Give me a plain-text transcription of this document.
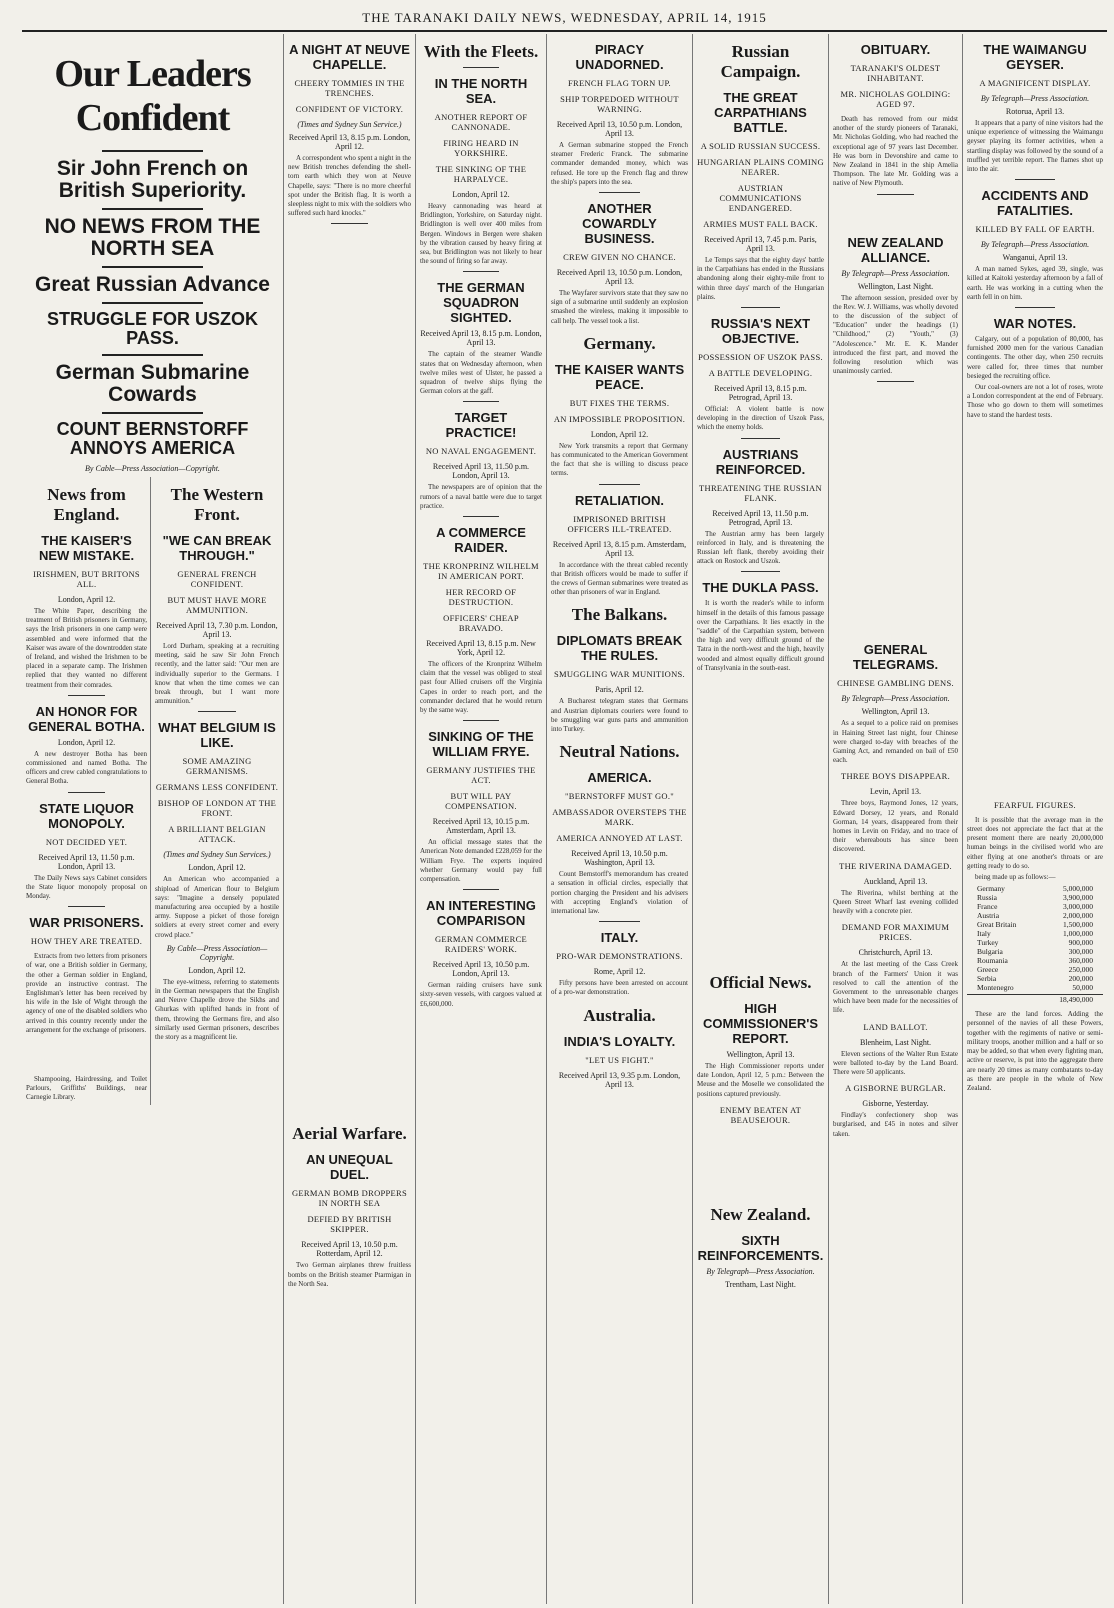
THE TARANAKI DAILY NEWS, WEDNESDAY, APRIL 14, 1915
Our Leaders Confident
Sir John French on British Superiority.
NO NEWS FROM THE NORTH SEA
Great Russian Advance
STRUGGLE FOR USZOK PASS.
German Submarine Cowards
COUNT BERNSTORFF ANNOYS AMERICA
By Cable—Press Association—Copyright.
News from England.
THE KAISER'S NEW MISTAKE.
IRISHMEN, BUT BRITONS ALL.
London, April 12.

The White Paper, describing the treatment of British prisoners in Germany, says the Irish prisoners in one camp were assembled and were informed that the Kaiser was aware of the downtrodden state of Ireland, and wished the Irishmen to be placed in a separate camp. The Irishmen replied that they wanted no different treatment from their comrades.

AN HONOR FOR GENERAL BOTHA.
London, April 12.

A new destroyer Botha has been commissioned and named Botha. The officers and crew cabled congratulations to General Botha.

STATE LIQUOR MONOPOLY.
NOT DECIDED YET.
Received April 13, 11.50 p.m. London, April 13.

The Daily News says Cabinet considers the State liquor monopoly proposal on Monday.

WAR PRISONERS.
HOW THEY ARE TREATED.

Extracts from two letters from prisoners of war, one a British soldier in Germany, the other a German soldier in England, provide an instructive contrast. The Englishman's letter has been received by his wife in the Isle of Wight through the agency of one of the disabled soldiers who arrived in this country recently under the arrangement for the exchange of prisoners.

Shampooing, Hairdressing, and Toilet Parlours, Griffiths' Buildings, near Carnegie Library.

The Western Front.
"WE CAN BREAK THROUGH."
GENERAL FRENCH CONFIDENT.
BUT MUST HAVE MORE AMMUNITION.
Received April 13, 7.30 p.m. London, April 13.

Lord Durham, speaking at a recruiting meeting, said he saw Sir John French recently, and the latter said: "Our men are individually superior to the Germans. I know that when the time comes we can break through, but I want more ammunition."

WHAT BELGIUM IS LIKE.
SOME AMAZING GERMANISMS.
GERMANS LESS CONFIDENT.
BISHOP OF LONDON AT THE FRONT.
A BRILLIANT BELGIAN ATTACK.
(Times and Sydney Sun Services.)
London, April 12.

An American who accompanied a shipload of American flour to Belgium says: "Imagine a densely populated manufacturing area occupied by a hostile army. Suppose a picket of those foreign soldiers at every street corner and every crowd place."

By Cable—Press Association—Copyright.
London, April 12.

The eye-witness, referring to statements in the German newspapers that the English and Neuve Chapelle drove the Sikhs and Ghurkas with uplifted hands in front of them, throwing the Germans fire, and also similarly used German prisoners, describes the story as a magnificent lie.

A NIGHT AT NEUVE CHAPELLE.
CHEERY TOMMIES IN THE TRENCHES.
CONFIDENT OF VICTORY.
(Times and Sydney Sun Service.)
Received April 13, 8.15 p.m. London, April 12.

A correspondent who spent a night in the new British trenches defending the shell-torn earth which they won at Neuve Chapelle, says: "There is no more cheerful spot under the British flag. It is worth a sleepless night to mix with the soldiers who suffered such hard knocks."

Aerial Warfare.
AN UNEQUAL DUEL.
GERMAN BOMB DROPPERS IN NORTH SEA
DEFIED BY BRITISH SKIPPER.
Received April 13, 10.50 p.m. Rotterdam, April 12.

Two German airplanes threw fruitless bombs on the British steamer Ptarmigan in the North Sea.

With the Fleets.
IN THE NORTH SEA.
ANOTHER REPORT OF CANNONADE.
FIRING HEARD IN YORKSHIRE.
THE SINKING OF THE HARPALYCE.
London, April 12.

Heavy cannonading was heard at Bridlington, Yorkshire, on Saturday night. Bridlington is well over 400 miles from Bergen. Windows in Bergen were shaken by the vibration caused by heavy firing at sea, but Bridlington was not likely to hear the sound of firing so far away.

THE GERMAN SQUADRON SIGHTED.
Received April 13, 8.15 p.m. London, April 13.

The captain of the steamer Wandle states that on Wednesday afternoon, when twelve miles west of Ulster, he passed a squadron of twelve ships flying the German colors at the gaff.

TARGET PRACTICE!
NO NAVAL ENGAGEMENT.
Received April 13, 11.50 p.m. London, April 13.

The newspapers are of opinion that the rumors of a naval battle were due to target practice.

A COMMERCE RAIDER.
THE KRONPRINZ WILHELM IN AMERICAN PORT.
HER RECORD OF DESTRUCTION.
OFFICERS' CHEAP BRAVADO.
Received April 13, 8.15 p.m. New York, April 12.

The officers of the Kronprinz Wilhelm claim that the vessel was obliged to steal past four Allied cruisers off the Virginia Capes in order to reach port, and the commander declared that he would return by the same way.

SINKING OF THE WILLIAM FRYE.
GERMANY JUSTIFIES THE ACT.
BUT WILL PAY COMPENSATION.
Received April 13, 10.15 p.m. Amsterdam, April 13.

An official message states that the American Note demanded £228,059 for the William Frye. The experts inquired whether Germany would pay full compensation.

AN INTERESTING COMPARISON
GERMAN COMMERCE RAIDERS' WORK.
Received April 13, 10.50 p.m. London, April 13.

German raiding cruisers have sunk sixty-seven vessels, with cargoes valued at £6,600,000.

PIRACY UNADORNED.
FRENCH FLAG TORN UP.
SHIP TORPEDOED WITHOUT WARNING.
Received April 13, 10.50 p.m. London, April 13.

A German submarine stopped the French steamer Frederic Franck. The submarine commander demanded money, which was refused. He tore up the French flag and threw the ship's papers into the sea.

ANOTHER COWARDLY BUSINESS.
CREW GIVEN NO CHANCE.
Received April 13, 10.50 p.m. London, April 13.

The Wayfarer survivors state that they saw no sign of a submarine until suddenly an explosion smashed the wireless, making it impossible to call help. The vessel took a list.

Germany.
THE KAISER WANTS PEACE.
BUT FIXES THE TERMS.
AN IMPOSSIBLE PROPOSITION.
London, April 12.

New York transmits a report that Germany has communicated to the American Government the fact that she is willing to discuss peace terms.

RETALIATION.
IMPRISONED BRITISH OFFICERS ILL-TREATED.
Received April 13, 8.15 p.m. Amsterdam, April 13.

In accordance with the threat cabled recently that British officers would be made to suffer if the crews of German submarines were treated as other than prisoners of war in England.

The Balkans.
DIPLOMATS BREAK THE RULES.
SMUGGLING WAR MUNITIONS.
Paris, April 12.

A Bucharest telegram states that Germans and Austrian diplomats couriers were found to be smuggling war guns parts and ammunition into Turkey.

Neutral Nations.
AMERICA.
"BERNSTORFF MUST GO."
AMBASSADOR OVERSTEPS THE MARK.
AMERICA ANNOYED AT LAST.
Received April 13, 10.50 p.m. Washington, April 13.

Count Bernstorff's memorandum has created a sensation in official circles, especially that portion charging the President and his advisers with accepting England's violation of international law.

ITALY.
PRO-WAR DEMONSTRATIONS.
Rome, April 12.

Fifty persons have been arrested on account of a pro-war demonstration.

Australia.
INDIA'S LOYALTY.
"LET US FIGHT."
Received April 13, 9.35 p.m. London, April 13.
Russian Campaign.
THE GREAT CARPATHIANS BATTLE.
A SOLID RUSSIAN SUCCESS.
HUNGARIAN PLAINS COMING NEARER.
AUSTRIAN COMMUNICATIONS ENDANGERED.
ARMIES MUST FALL BACK.
Received April 13, 7.45 p.m. Paris, April 13.

Le Temps says that the eighty days' battle in the Carpathians has ended in the Russians abandoning along their eighty-mile front to within three days' march of the Hungarian plains.

RUSSIA'S NEXT OBJECTIVE.
POSSESSION OF USZOK PASS.
A BATTLE DEVELOPING.
Received April 13, 8.15 p.m. Petrograd, April 13.

Official: A violent battle is now developing in the direction of Uszok Pass, which the enemy holds.

AUSTRIANS REINFORCED.
THREATENING THE RUSSIAN FLANK.
Received April 13, 11.50 p.m. Petrograd, April 13.

The Austrian army has been largely reinforced in Italy, and is threatening the Russian left flank, thereby avoiding their attack on Rostock and Uszok.

THE DUKLA PASS.

It is worth the reader's while to inform himself in the details of this famous passage over the Carpathians. It lies exactly in the "saddle" of the Carpathian system, between the high and very difficult ground of the Tatra in the north-west and the high, heavily wooded and almost equally difficult ground of Transylvania in the south-east.

Official News.
HIGH COMMISSIONER'S REPORT.
Wellington, April 13.

The High Commissioner reports under date London, April 12, 5 p.m.: Between the Meuse and the Moselle we consolidated the positions captured previously.

ENEMY BEATEN AT BEAUSEJOUR.
New Zealand.
SIXTH REINFORCEMENTS.
By Telegraph—Press Association.
Trentham, Last Night.
OBITUARY.
TARANAKI'S OLDEST INHABITANT.
MR. NICHOLAS GOLDING: AGED 97.

Death has removed from our midst another of the sturdy pioneers of Taranaki, Mr. Nicholas Golding, who had reached the exceptional age of 97 years last December. He was born in Devonshire and came to New Zealand in 1841 in the ship Amelia Thompson. The late Mr. Golding was a native of New Plymouth.

NEW ZEALAND ALLIANCE.
By Telegraph—Press Association.
Wellington, Last Night.

The afternoon session, presided over by the Rev. W. J. Williams, was wholly devoted to the discussion of the subject of "Education" under the headings (1) "Childhood," (2) "Youth," (3) "Adolescence." Mr. E. K. Mander introduced the first part, and moved the following resolution which was unanimously carried.

GENERAL TELEGRAMS.
CHINESE GAMBLING DENS.
By Telegraph—Press Association.
Wellington, April 13.

As a sequel to a police raid on premises in Haining Street last night, four Chinese were charged to-day with breaches of the Gaming Act, and remanded on bail of £50 each.

THREE BOYS DISAPPEAR.
Levin, April 13.

Three boys, Raymond Jones, 12 years, Edward Dorsey, 12 years, and Ronald Gorman, 14 years, disappeared from their homes in Levin on Friday, and no trace of their whereabouts has since been discovered.

THE RIVERINA DAMAGED.
Auckland, April 13.

The Riverina, whilst berthing at the Queen Street Wharf last evening collided heavily with a concrete pier.

DEMAND FOR MAXIMUM PRICES.
Christchurch, April 13.

At the last meeting of the Cass Creek branch of the Farmers' Union it was resolved to call the attention of the Government to the unreasonable charges which have been made for the necessities of life.

LAND BALLOT.
Blenheim, Last Night.

Eleven sections of the Walter Run Estate were balloted to-day by the Land Board. There were 50 applicants.

A GISBORNE BURGLAR.
Gisborne, Yesterday.

Findlay's confectionery shop was burglarised, and £45 in notes and silver taken.

THE WAIMANGU GEYSER.
A MAGNIFICENT DISPLAY.
By Telegraph—Press Association.
Rotorua, April 13.

It appears that a party of nine visitors had the unique experience of witnessing the Waimangu geyser playing its former activities, when a startling display was followed by the sound of a muffled yet terrible report. The flames shot up into the air.

ACCIDENTS AND FATALITIES.
KILLED BY FALL OF EARTH.
By Telegraph—Press Association.
Wanganui, April 13.

A man named Sykes, aged 39, single, was killed at Kaitoki yesterday afternoon by a fall of earth. He was working in a cutting when the earth fell in on him.

WAR NOTES.

Calgary, out of a population of 80,000, has furnished 2000 men for the various Canadian contingents. The other day, when 250 recruits were called for, three times that number besieged the recruiting office.

Our coal-owners are not a lot of roses, wrote a London correspondent at the end of February. Those who go down to them will sometimes have to stand the hardest tests.

FEARFUL FIGURES.

It is possible that the average man in the street does not appreciate the fact that at the present moment there are nearly 20,000,000 human beings in the civilised world who are either flying at one another's throats or are getting ready to do so.

being made up as follows:—

Germany	5,000,000
Russia	3,900,000
France	3,000,000
Austria	2,000,000
Great Britain	1,500,000
Italy	1,000,000
Turkey	900,000
Bulgaria	300,000
Roumania	360,000
Greece	250,000
Serbia	200,000
Montenegro	50,000
18,490,000

These are the land forces. Adding the personnel of the navies of all these Powers, together with the regiments of native or semi-military troops, another million and a half or so may be added, so that when every fighting man, active or reserve, is put into the aggregate there are nearly 20 times as many combatants to-day as there are people in the whole of New Zealand.
